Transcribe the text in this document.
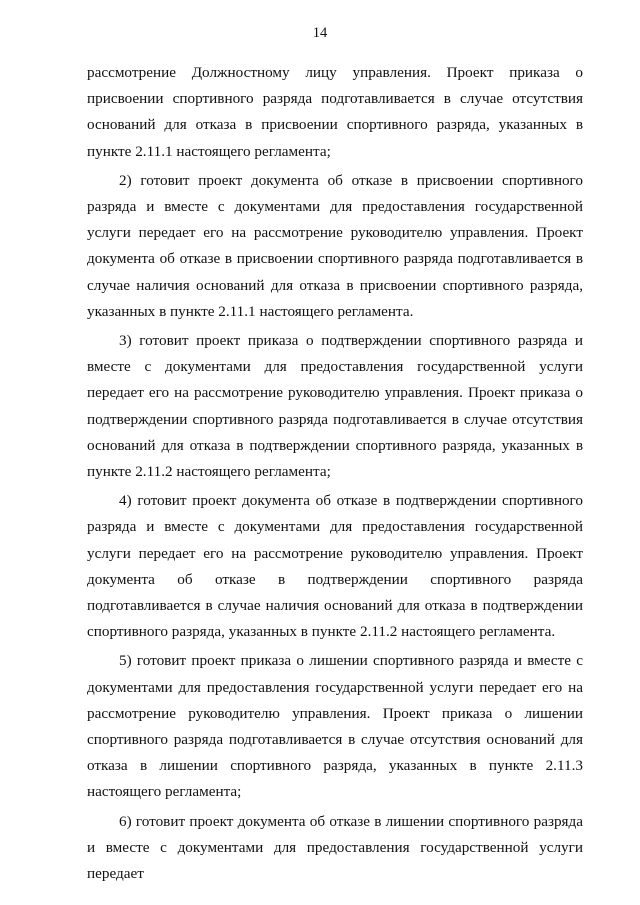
14

рассмотрение Должностному лицу управления. Проект приказа о присвоении спортивного разряда подготавливается в случае отсутствия оснований для отказа в присвоении спортивного разряда, указанных в пункте 2.11.1 настоящего регламента;

2) готовит проект документа об отказе в присвоении спортивного разряда и вместе с документами для предоставления государственной услуги передает его на рассмотрение руководителю управления. Проект документа об отказе в присвоении спортивного разряда подготавливается в случае наличия оснований для отказа в присвоении спортивного разряда, указанных в пункте 2.11.1 настоящего регламента.

3) готовит проект приказа о подтверждении спортивного разряда и вместе с документами для предоставления государственной услуги передает его на рассмотрение руководителю управления. Проект приказа о подтверждении спортивного разряда подготавливается в случае отсутствия оснований для отказа в подтверждении спортивного разряда, указанных в пункте 2.11.2 настоящего регламента;

4) готовит проект документа об отказе в подтверждении спортивного разряда и вместе с документами для предоставления государственной услуги передает его на рассмотрение руководителю управления. Проект документа об отказе в подтверждении спортивного разряда подготавливается в случае наличия оснований для отказа в подтверждении спортивного разряда, указанных в пункте 2.11.2 настоящего регламента.

5) готовит проект приказа о лишении спортивного разряда и вместе с документами для предоставления государственной услуги передает его на рассмотрение руководителю управления. Проект приказа о лишении спортивного разряда подготавливается в случае отсутствия оснований для отказа в лишении спортивного разряда, указанных в пункте 2.11.3 настоящего регламента;

6) готовит проект документа об отказе в лишении спортивного разряда и вместе с документами для предоставления государственной услуги передает
